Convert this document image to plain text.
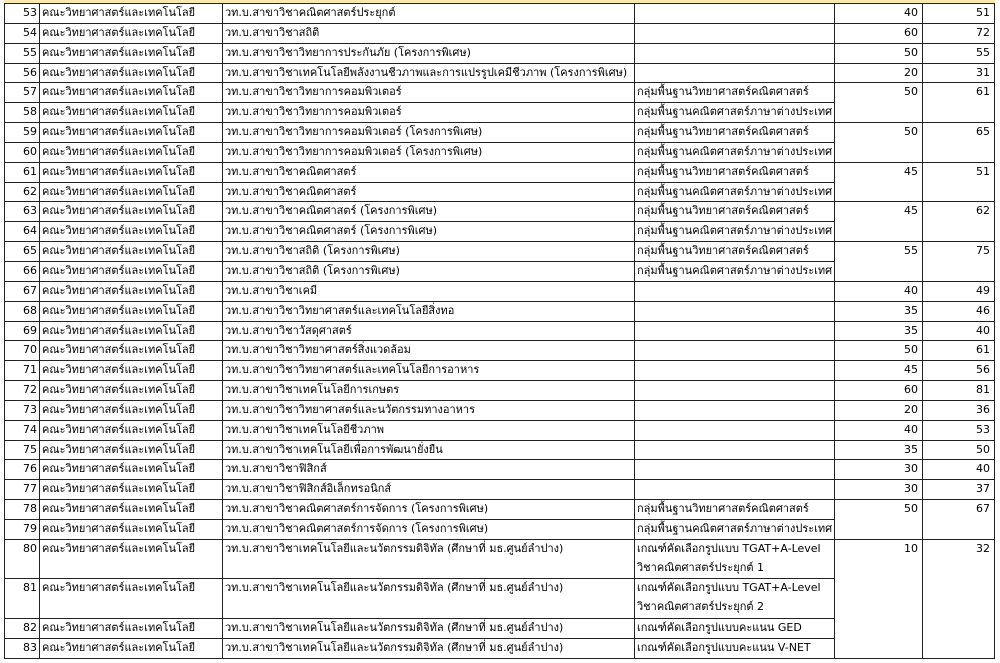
53 คณะวิทยาศาสตร์และเทคโนโลยี	วท.บ.สาขาวิชาคณิตศาสตร์ประยุกต์	40	51
54 คณะวิทยาศาสตร์และเทคโนโลยี	วท.บ.สาขาวิชาสถิติ	60	72
55 คณะวิทยาศาสตร์และเทคโนโลยี	วท.บ.สาขาวิชาวิทยาการประกันภัย (โครงการพิเศษ)	50	55
56 คณะวิทยาศาสตร์และเทคโนโลยี	วท.บ.สาขาวิชาเทคโนโลยีพลังงานชีวภาพและการแปรรูปเคมีชีวภาพ (โครงการพิเศษ)	20	31
57 คณะวิทยาศาสตร์และเทคโนโลยี	วท.บ.สาขาวิชาวิทยาการคอมพิวเตอร์	กลุ่มพื้นฐานวิทยาศาสตร์คณิตศาสตร์	50	61
58 คณะวิทยาศาสตร์และเทคโนโลยี	วท.บ.สาขาวิชาวิทยาการคอมพิวเตอร์	กลุ่มพื้นฐานคณิตศาสตร์ภาษาต่างประเทศ
59 คณะวิทยาศาสตร์และเทคโนโลยี	วท.บ.สาขาวิชาวิทยาการคอมพิวเตอร์ (โครงการพิเศษ)	กลุ่มพื้นฐานวิทยาศาสตร์คณิตศาสตร์	50	65
60 คณะวิทยาศาสตร์และเทคโนโลยี	วท.บ.สาขาวิชาวิทยาการคอมพิวเตอร์ (โครงการพิเศษ)	กลุ่มพื้นฐานคณิตศาสตร์ภาษาต่างประเทศ
61 คณะวิทยาศาสตร์และเทคโนโลยี	วท.บ.สาขาวิชาคณิตศาสตร์	กลุ่มพื้นฐานวิทยาศาสตร์คณิตศาสตร์	45	51
62 คณะวิทยาศาสตร์และเทคโนโลยี	วท.บ.สาขาวิชาคณิตศาสตร์	กลุ่มพื้นฐานคณิตศาสตร์ภาษาต่างประเทศ
63 คณะวิทยาศาสตร์และเทคโนโลยี	วท.บ.สาขาวิชาคณิตศาสตร์ (โครงการพิเศษ)	กลุ่มพื้นฐานวิทยาศาสตร์คณิตศาสตร์	45	62
64 คณะวิทยาศาสตร์และเทคโนโลยี	วท.บ.สาขาวิชาคณิตศาสตร์ (โครงการพิเศษ)	กลุ่มพื้นฐานคณิตศาสตร์ภาษาต่างประเทศ
65 คณะวิทยาศาสตร์และเทคโนโลยี	วท.บ.สาขาวิชาสถิติ (โครงการพิเศษ)	กลุ่มพื้นฐานวิทยาศาสตร์คณิตศาสตร์	55	75
66 คณะวิทยาศาสตร์และเทคโนโลยี	วท.บ.สาขาวิชาสถิติ (โครงการพิเศษ)	กลุ่มพื้นฐานคณิตศาสตร์ภาษาต่างประเทศ
67 คณะวิทยาศาสตร์และเทคโนโลยี	วท.บ.สาขาวิชาเคมี	40	49
68 คณะวิทยาศาสตร์และเทคโนโลยี	วท.บ.สาขาวิชาวิทยาศาสตร์และเทคโนโลยีสิ่งทอ	35	46
69 คณะวิทยาศาสตร์และเทคโนโลยี	วท.บ.สาขาวิชาวัสดุศาสตร์	35	40
70 คณะวิทยาศาสตร์และเทคโนโลยี	วท.บ.สาขาวิชาวิทยาศาสตร์สิ่งแวดล้อม	50	61
71 คณะวิทยาศาสตร์และเทคโนโลยี	วท.บ.สาขาวิชาวิทยาศาสตร์และเทคโนโลยีการอาหาร	45	56
72 คณะวิทยาศาสตร์และเทคโนโลยี	วท.บ.สาขาวิชาเทคโนโลยีการเกษตร	60	81
73 คณะวิทยาศาสตร์และเทคโนโลยี	วท.บ.สาขาวิชาวิทยาศาสตร์และนวัตกรรมทางอาหาร	20	36
74 คณะวิทยาศาสตร์และเทคโนโลยี	วท.บ.สาขาวิชาเทคโนโลยีชีวภาพ	40	53
75 คณะวิทยาศาสตร์และเทคโนโลยี	วท.บ.สาขาวิชาเทคโนโลยีเพื่อการพัฒนายั่งยืน	35	50
76 คณะวิทยาศาสตร์และเทคโนโลยี	วท.บ.สาขาวิชาฟิสิกส์	30	40
77 คณะวิทยาศาสตร์และเทคโนโลยี	วท.บ.สาขาวิชาฟิสิกส์อิเล็กทรอนิกส์	30	37
78 คณะวิทยาศาสตร์และเทคโนโลยี	วท.บ.สาขาวิชาคณิตศาสตร์การจัดการ (โครงการพิเศษ)	กลุ่มพื้นฐานวิทยาศาสตร์คณิตศาสตร์	50	67
79 คณะวิทยาศาสตร์และเทคโนโลยี	วท.บ.สาขาวิชาคณิตศาสตร์การจัดการ (โครงการพิเศษ)	กลุ่มพื้นฐานคณิตศาสตร์ภาษาต่างประเทศ
80 คณะวิทยาศาสตร์และเทคโนโลยี	วท.บ.สาขาวิชาเทคโนโลยีและนวัตกรรมดิจิทัล (ศึกษาที่ มธ.ศูนย์ลำปาง)	เกณฑ์คัดเลือกรูปแบบ TGAT+A-Level
วิชาคณิตศาสตร์ประยุกต์ 1
10	32
81 คณะวิทยาศาสตร์และเทคโนโลยี	วท.บ.สาขาวิชาเทคโนโลยีและนวัตกรรมดิจิทัล (ศึกษาที่ มธ.ศูนย์ลำปาง)	เกณฑ์คัดเลือกรูปแบบ TGAT+A-Level
วิชาคณิตศาสตร์ประยุกต์ 2
82 คณะวิทยาศาสตร์และเทคโนโลยี	วท.บ.สาขาวิชาเทคโนโลยีและนวัตกรรมดิจิทัล (ศึกษาที่ มธ.ศูนย์ลำปาง)	เกณฑ์คัดเลือกรูปแบบคะแนน GED
83 คณะวิทยาศาสตร์และเทคโนโลยี	วท.บ.สาขาวิชาเทคโนโลยีและนวัตกรรมดิจิทัล (ศึกษาที่ มธ.ศูนย์ลำปาง)	เกณฑ์คัดเลือกรูปแบบคะแนน V-NET
